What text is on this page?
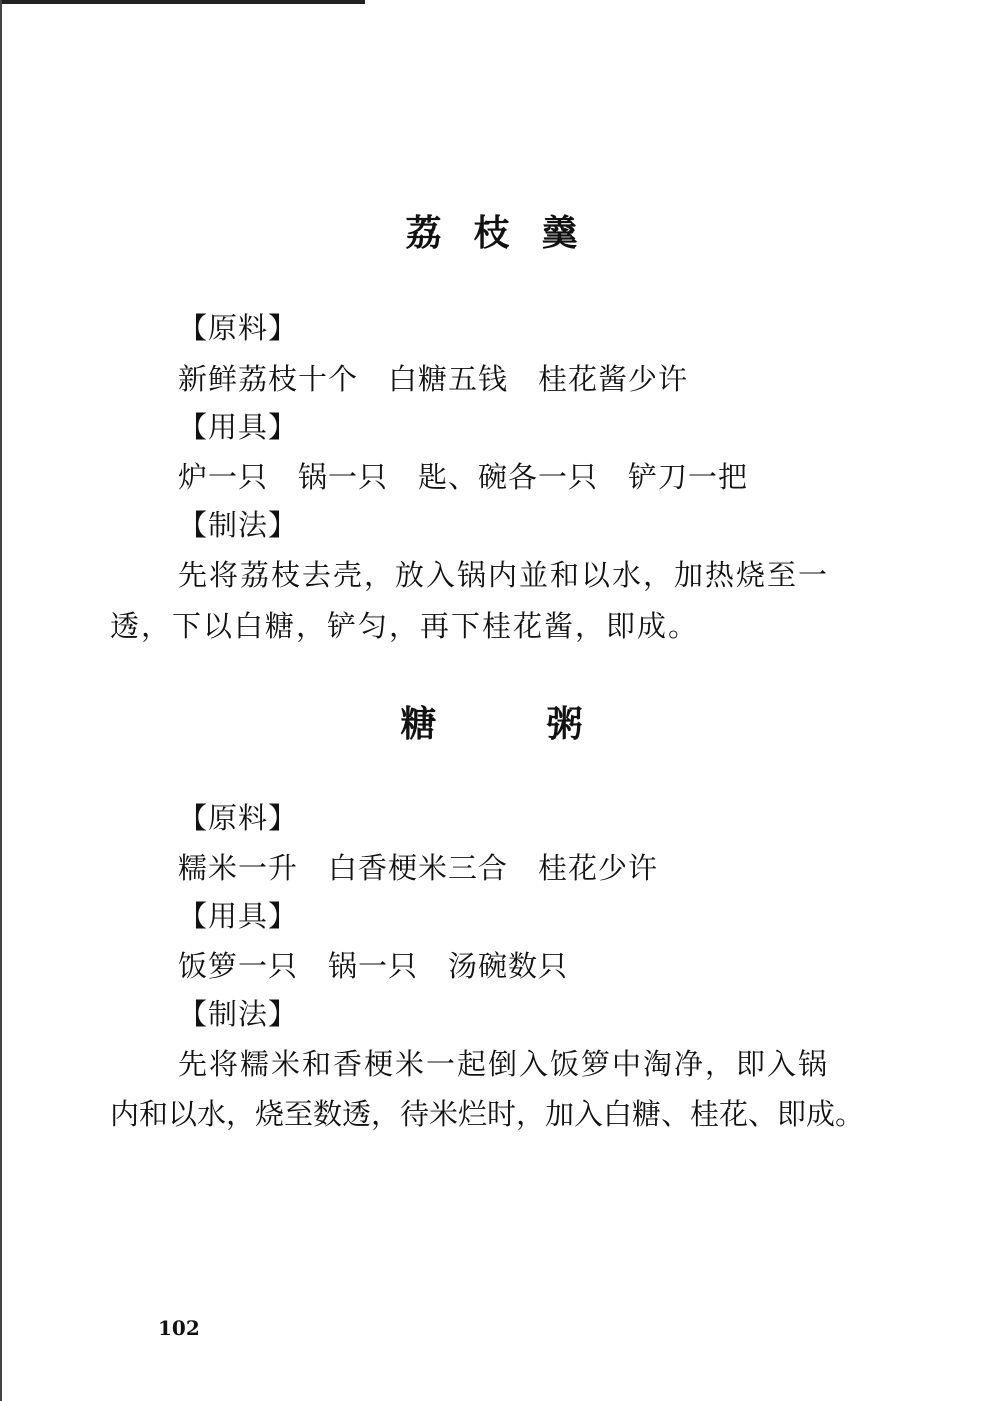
荔 枝 羹
【原料】
新鲜荔枝十个　白糖五钱　桂花酱少许
【用具】
炉一只　锅一只　匙、碗各一只　铲刀一把
【制法】
先将荔枝去壳，放入锅内並和以水，加热烧至一
透，下以白糖，铲匀，再下桂花酱，即成。
糖	粥
【原料】
糯米一升　白香梗米三合　桂花少许
【用具】
饭箩一只　锅一只　汤碗数只
【制法】
先将糯米和香梗米一起倒入饭箩中淘净，即入锅
内和以水，烧至数透，待米烂时，加入白糖、桂花、即成。
102
